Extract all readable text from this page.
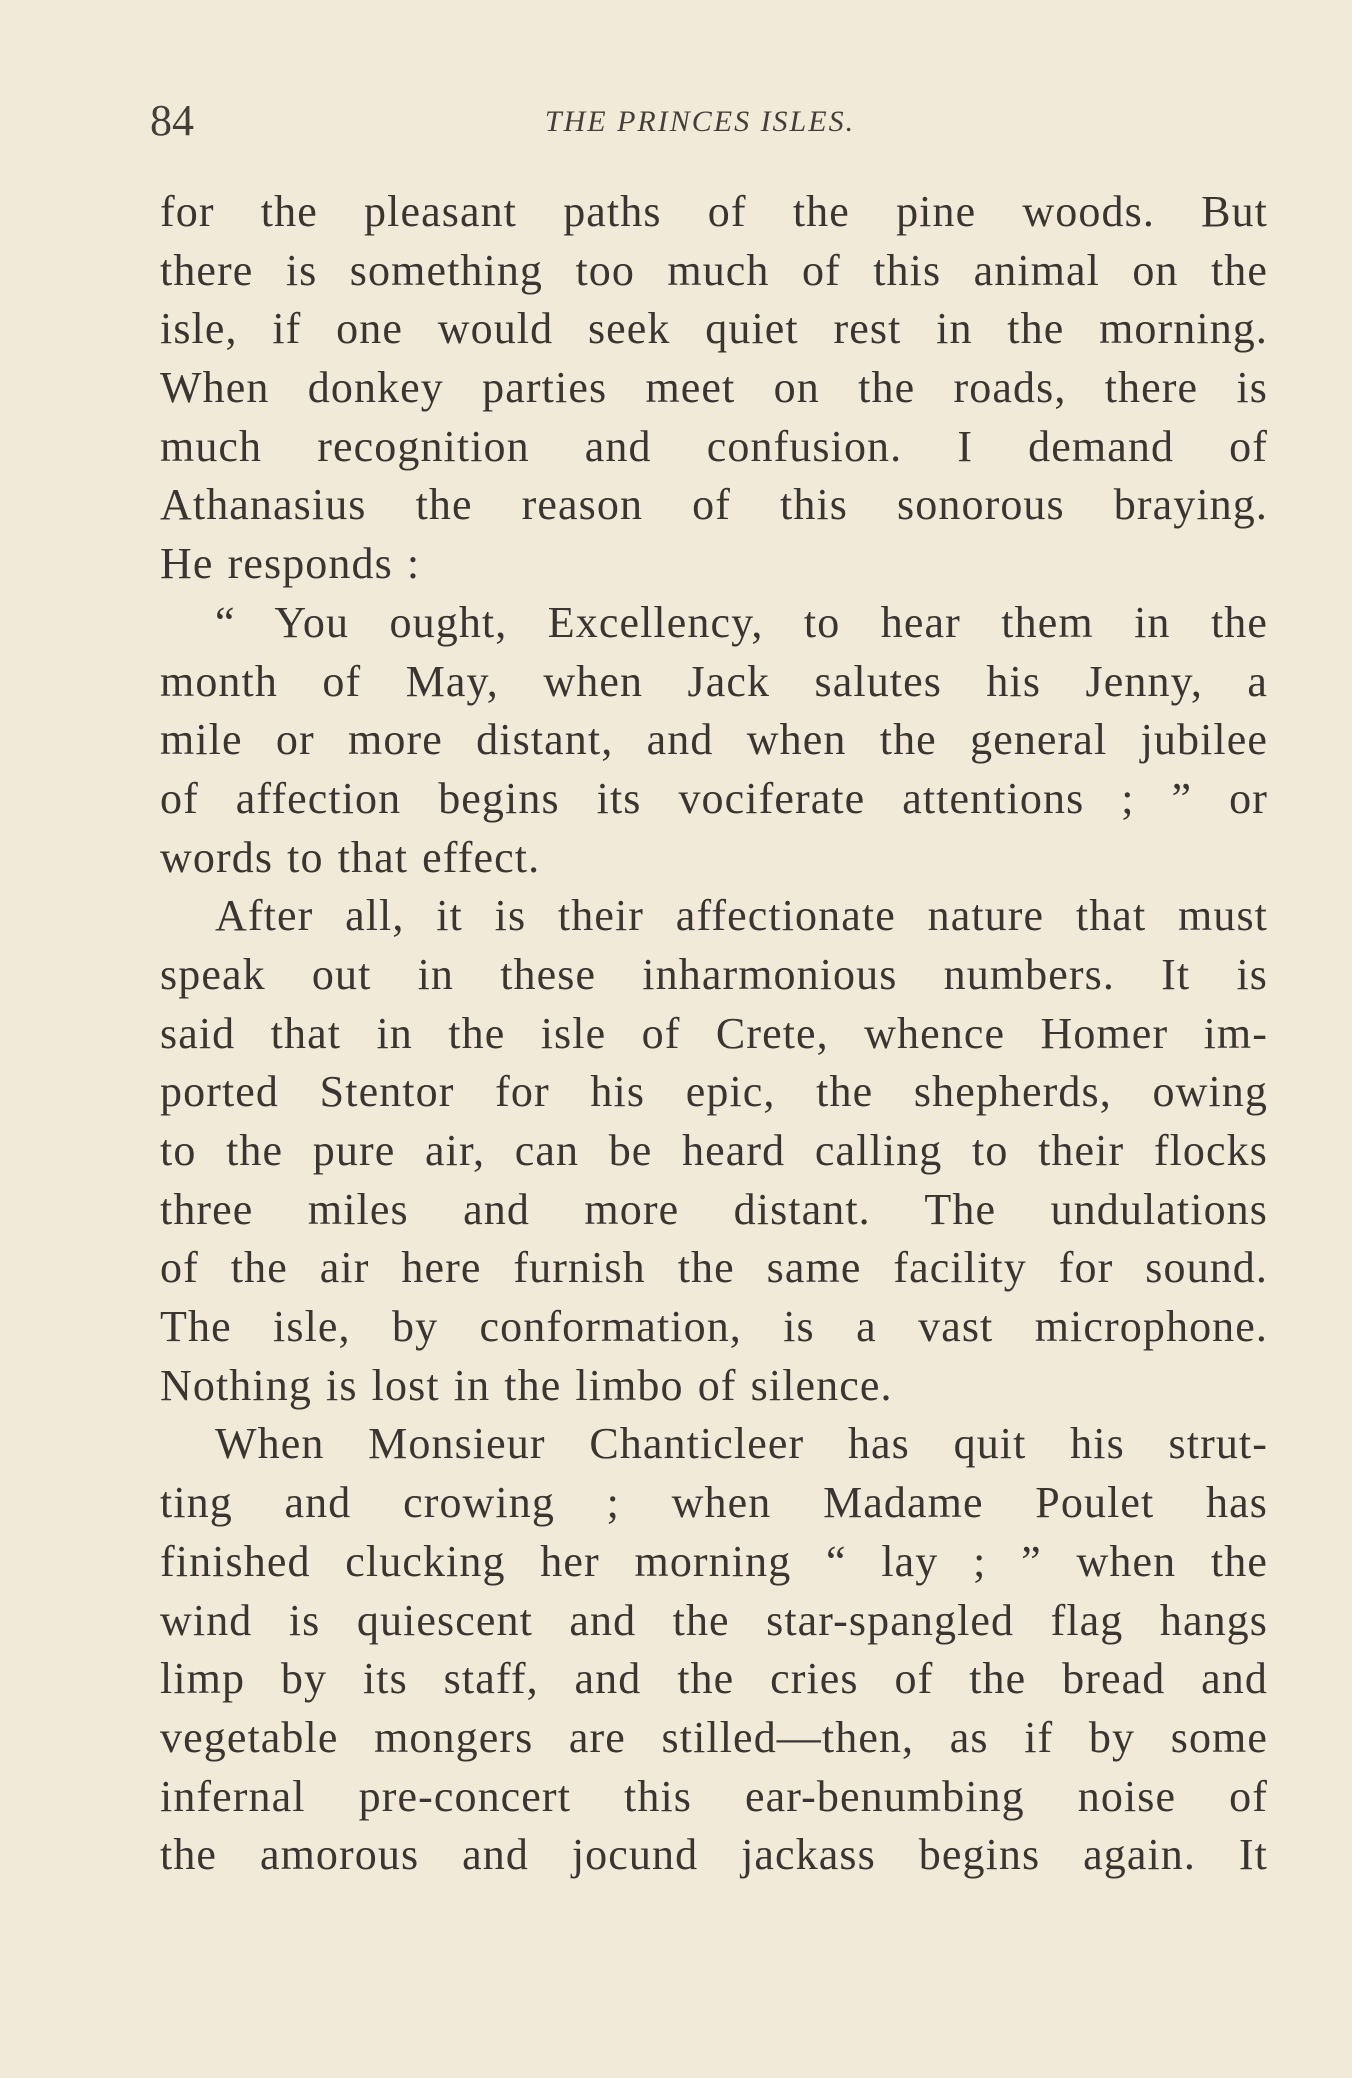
84	THE PRINCES ISLES.
for the pleasant paths of the pine woods. But
there is something too much of this animal on the
isle, if one would seek quiet rest in the morning.
When donkey parties meet on the roads, there is
much recognition and confusion. I demand of
Athanasius the reason of this sonorous braying.
He responds :
“ You ought, Excellency, to hear them in the
month of May, when Jack salutes his Jenny, a
mile or more distant, and when the general jubilee
of affection begins its vociferate attentions ; ” or
words to that effect.
After all, it is their affectionate nature that must
speak out in these inharmonious numbers. It is
said that in the isle of Crete, whence Homer im-
ported Stentor for his epic, the shepherds, owing
to the pure air, can be heard calling to their flocks
three miles and more distant. The undulations
of the air here furnish the same facility for sound.
The isle, by conformation, is a vast microphone.
Nothing is lost in the limbo of silence.
When Monsieur Chanticleer has quit his strut-
ting and crowing ; when Madame Poulet has
finished clucking her morning “ lay ; ” when the
wind is quiescent and the star-spangled flag hangs
limp by its staff, and the cries of the bread and
vegetable mongers are stilled—then, as if by some
infernal pre-concert this ear-benumbing noise of
the amorous and jocund jackass begins again. It
